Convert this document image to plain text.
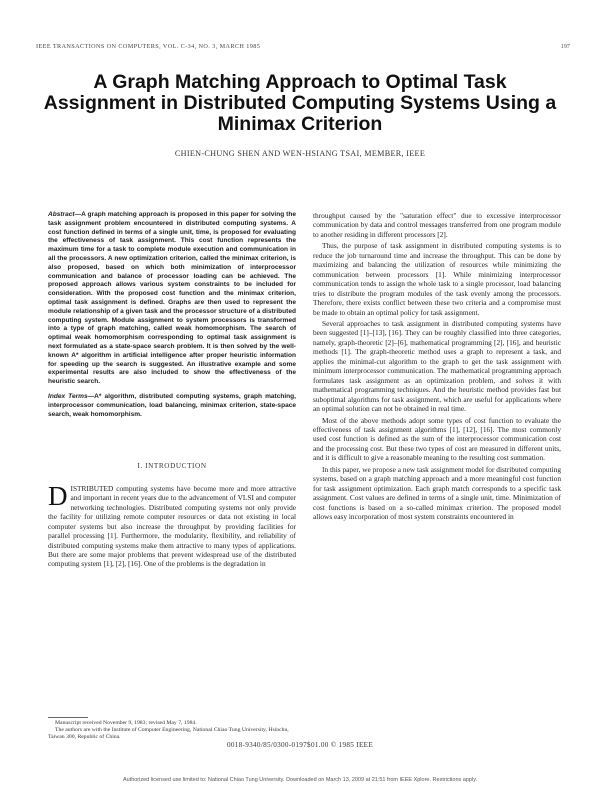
IEEE TRANSACTIONS ON COMPUTERS, VOL. C-34, NO. 3, MARCH 1985	197
A Graph Matching Approach to Optimal Task Assignment in Distributed Computing Systems Using a Minimax Criterion
CHIEN-CHUNG SHEN AND WEN-HSIANG TSAI, MEMBER, IEEE

Abstract—A graph matching approach is proposed in this paper for solving the task assignment problem encountered in distributed computing systems. A cost function defined in terms of a single unit, time, is proposed for evaluating the effectiveness of task assignment. This cost function represents the maximum time for a task to complete module execution and communication in all the processors. A new optimization criterion, called the minimax criterion, is also proposed, based on which both minimization of interprocessor communication and balance of processor loading can be achieved. The proposed approach allows various system constraints to be included for consideration. With the proposed cost function and the minimax criterion, optimal task assignment is defined. Graphs are then used to represent the module relationship of a given task and the processor structure of a distributed computing system. Module assignment to system processors is transformed into a type of graph matching, called weak homomorphism. The search of optimal weak homomorphism corresponding to optimal task assignment is next formulated as a state-space search problem. It is then solved by the well-known A* algorithm in artificial intelligence after proper heuristic information for speeding up the search is suggested. An illustrative example and some experimental results are also included to show the effectiveness of the heuristic search.

Index Terms—A* algorithm, distributed computing systems, graph matching, interprocessor communication, load balancing, minimax criterion, state-space search, weak homomorphism.

I. INTRODUCTION

DISTRIBUTED computing systems have become more and more attractive and important in recent years due to the advancement of VLSI and computer networking technologies. Distributed computing systems not only provide the facility for utilizing remote computer resources or data not existing in local computer systems but also increase the throughput by providing facilities for parallel processing [1]. Furthermore, the modularity, flexibility, and reliability of distributed computing systems make them attractive to many types of applications. But there are some major problems that prevent widespread use of the distributed computing system [1], [2], [16]. One of the problems is the degradation in

Manuscript received November 9, 1983; revised May 7, 1984.

The authors are with the Institute of Computer Engineering, National Chiao Tung University, Hsinchu, Taiwan 300, Republic of China.

throughput caused by the "saturation effect" due to excessive interprocessor communication by data and control messages transferred from one program module to another residing in different processors [2].

Thus, the purpose of task assignment in distributed computing systems is to reduce the job turnaround time and increase the throughput. This can be done by maximizing and balancing the utilization of resources while minimizing the communication between processors [1]. While minimizing interprocessor communication tends to assign the whole task to a single processor, load balancing tries to distribute the program modules of the task evenly among the processors. Therefore, there exists conflict between these two criteria and a compromise must be made to obtain an optimal policy for task assignment.

Several approaches to task assignment in distributed computing systems have been suggested [1]–[13], [16]. They can be roughly classified into three categories, namely, graph-theoretic [2]–[6], mathematical programming [2], [16], and heuristic methods [1]. The graph-theoretic method uses a graph to represent a task, and applies the minimal-cut algorithm to the graph to get the task assignment with minimum interprocessor communication. The mathematical programming approach formulates task assignment as an optimization problem, and solves it with mathematical programming techniques. And the heuristic method provides fast but suboptimal algorithms for task assignment, which are useful for applications where an optimal solution can not be obtained in real time.

Most of the above methods adopt some types of cost function to evaluate the effectiveness of task assignment algorithms [1], [12], [16]. The most commonly used cost function is defined as the sum of the interprocessor communication cost and the processing cost. But these two types of cost are measured in different units, and it is difficult to give a reasonable meaning to the resulting cost summation.

In this paper, we propose a new task assignment model for distributed computing systems, based on a graph matching approach and a more meaningful cost function for task assignment optimization. Each graph match corresponds to a specific task assignment. Cost values are defined in terms of a single unit, time. Minimization of cost functions is based on a so-called minimax criterion. The proposed model allows easy incorporation of most system constraints encountered in

0018-9340/85/0300-0197$01.00 © 1985 IEEE
Authorized licensed use limited to: National Chiao Tung University. Downloaded on March 13, 2009 at 21:51 from IEEE Xplore. Restrictions apply.
